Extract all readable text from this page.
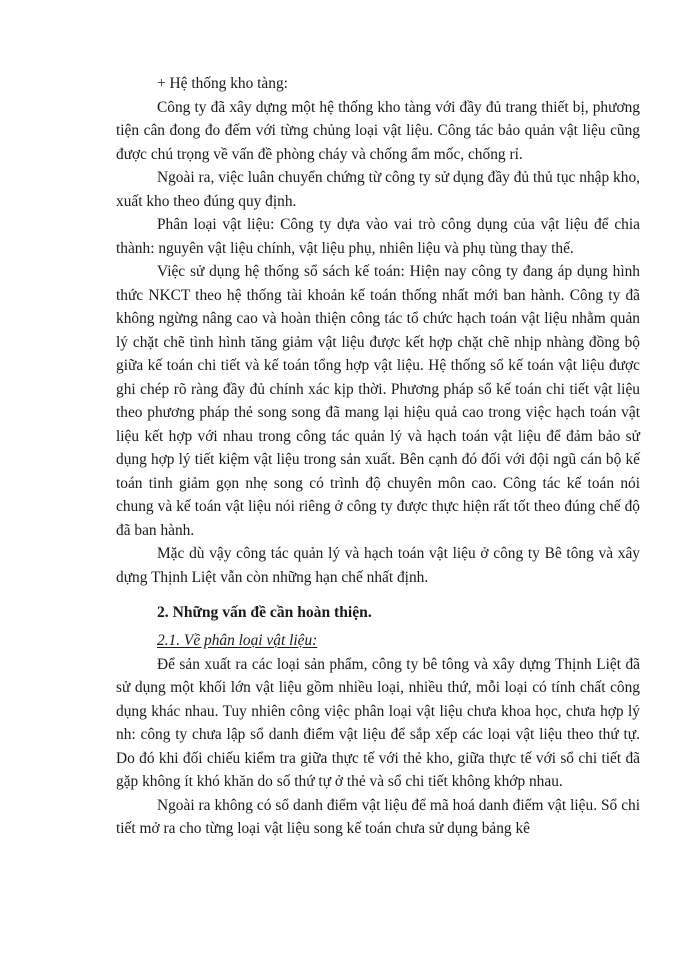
+ Hệ thống kho tàng:

Công ty đã xây dựng một hệ thống kho tàng với đầy đủ trang thiết bị, phương tiện cân đong đo đếm với từng chủng loại vật liệu. Công tác bảo quản vật liệu cũng được chú trọng về vấn đề phòng cháy và chống ẩm mốc, chống rỉ.

Ngoài ra, việc luân chuyển chứng từ công ty sử dụng đầy đủ thủ tục nhập kho, xuất kho theo đúng quy định.

Phân loại vật liệu: Công ty dựa vào vai trò công dụng của vật liệu để chia thành: nguyên vật liệu chính, vật liệu phụ, nhiên liệu và phụ tùng thay thế.

Việc sử dụng hệ thống sổ sách kế toán: Hiện nay công ty đang áp dụng hình thức NKCT theo hệ thống tài khoản kế toán thống nhất mới ban hành. Công ty đã không ngừng nâng cao và hoàn thiện công tác tổ chức hạch toán vật liệu nhằm quản lý chặt chẽ tình hình tăng giảm vật liệu được kết hợp chặt chẽ nhịp nhàng đồng bộ giữa kế toán chi tiết và kế toán tổng hợp vật liệu. Hệ thống sổ kế toán vật liệu được ghi chép rõ ràng đầy đủ chính xác kịp thời. Phương pháp sổ kế toán chi tiết vật liệu theo phương pháp thẻ song song đã mang lại hiệu quả cao trong việc hạch toán vật liệu kết hợp với nhau trong công tác quản lý và hạch toán vật liệu để đảm bảo sử dụng hợp lý tiết kiệm vật liệu trong sản xuất. Bên cạnh đó đối với đội ngũ cán bộ kế toán tinh giảm gọn nhẹ song có trình độ chuyên môn cao. Công tác kế toán nói chung và kế toán vật liệu nói riêng ở công ty được thực hiện rất tốt theo đúng chế độ đã ban hành.

Mặc dù vậy công tác quản lý và hạch toán vật liệu ở công ty Bê tông và xây dựng Thịnh Liệt vẫn còn những hạn chế nhất định.

2. Những vấn đề cần hoàn thiện.
2.1. Về phân loại vật liệu:

Để sản xuất ra các loại sản phẩm, công ty bê tông và xây dựng Thịnh Liệt đã sử dụng một khối lớn vật liệu gồm nhiều loại, nhiều thứ, mỗi loại có tính chất công dụng khác nhau. Tuy nhiên công việc phân loại vật liệu chưa khoa học, chưa hợp lý nh: công ty chưa lập sổ danh điểm vật liệu để sắp xếp các loại vật liệu theo thứ tự. Do đó khi đối chiếu kiểm tra giữa thực tế với thẻ kho, giữa thực tế với sổ chi tiết đã gặp không ít khó khăn do số thứ tự ở thẻ và sổ chi tiết không khớp nhau.

Ngoài ra không có sổ danh điểm vật liệu để mã hoá danh điểm vật liệu. Sổ chi tiết mở ra cho từng loại vật liệu song kế toán chưa sử dụng bảng kê
